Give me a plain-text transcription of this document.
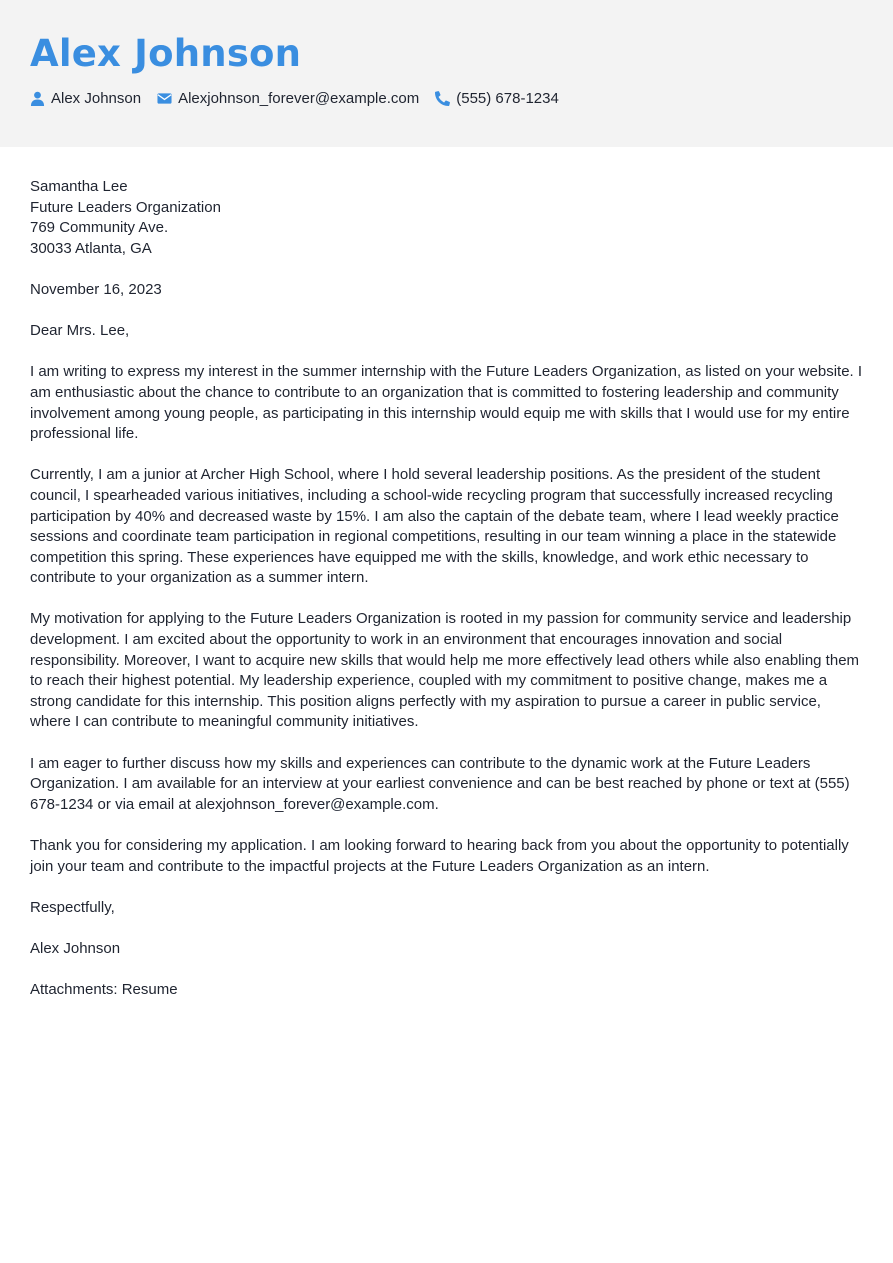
Alex Johnson
Alex Johnson Alexjohnson_forever@example.com (555) 678-1234

Samantha Lee
Future Leaders Organization
769 Community Ave.
30033 Atlanta, GA

November 16, 2023

Dear Mrs. Lee,

I am writing to express my interest in the summer internship with the Future Leaders Organization, as listed on your website. I am enthusiastic about the chance to contribute to an organization that is committed to fostering leadership and community involvement among young people, as participating in this internship would equip me with skills that I would use for my entire professional life.

Currently, I am a junior at Archer High School, where I hold several leadership positions. As the president of the student council, I spearheaded various initiatives, including a school-wide recycling program that successfully increased recycling participation by 40% and decreased waste by 15%. I am also the captain of the debate team, where I lead weekly practice sessions and coordinate team participation in regional competitions, resulting in our team winning a place in the statewide competition this spring. These experiences have equipped me with the skills, knowledge, and work ethic necessary to contribute to your organization as a summer intern.

My motivation for applying to the Future Leaders Organization is rooted in my passion for community service and leadership development. I am excited about the opportunity to work in an environment that encourages innovation and social responsibility. Moreover, I want to acquire new skills that would help me more effectively lead others while also enabling them to reach their highest potential. My leadership experience, coupled with my commitment to positive change, makes me a strong candidate for this internship. This position aligns perfectly with my aspiration to pursue a career in public service, where I can contribute to meaningful community initiatives.

I am eager to further discuss how my skills and experiences can contribute to the dynamic work at the Future Leaders Organization. I am available for an interview at your earliest convenience and can be best reached by phone or text at (555) 678-1234 or via email at alexjohnson_forever@example.com.

Thank you for considering my application. I am looking forward to hearing back from you about the opportunity to potentially join your team and contribute to the impactful projects at the Future Leaders Organization as an intern.

Respectfully,

Alex Johnson

Attachments: Resume
